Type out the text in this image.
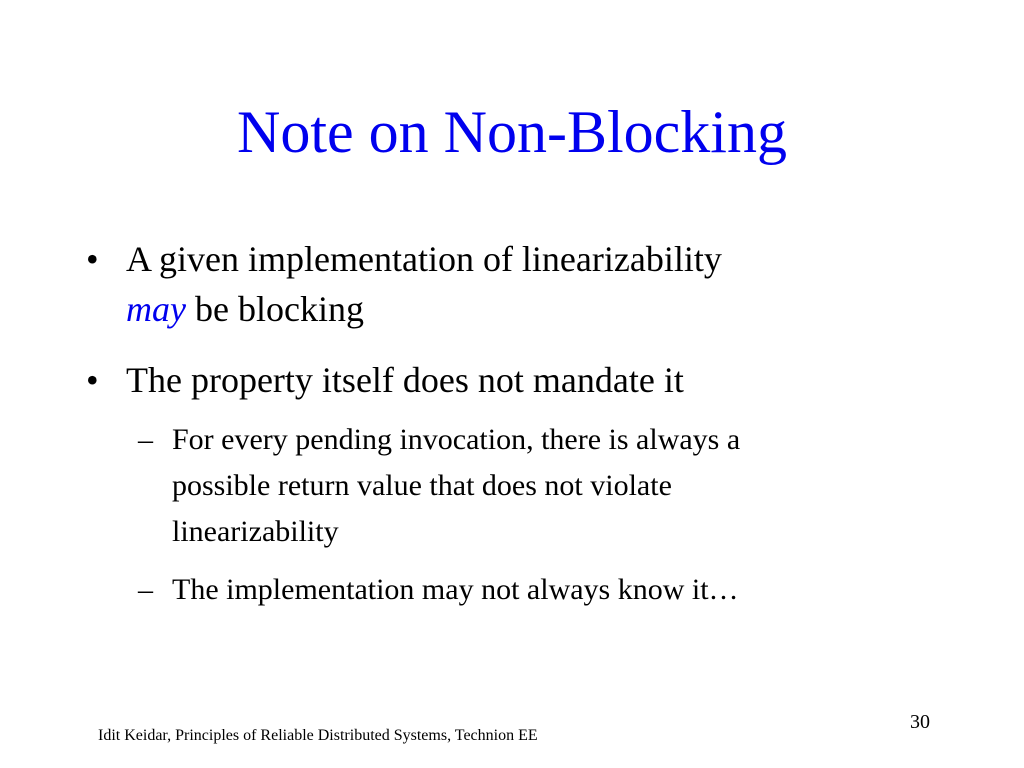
Note on Non-Blocking
• A given implementation of linearizability
may be blocking
• The property itself does not mandate it
– For every pending invocation, there is always a
possible return value that does not violate
linearizability
– The implementation may not always know it…
Idit Keidar, Principles of Reliable Distributed Systems, Technion EE
30
